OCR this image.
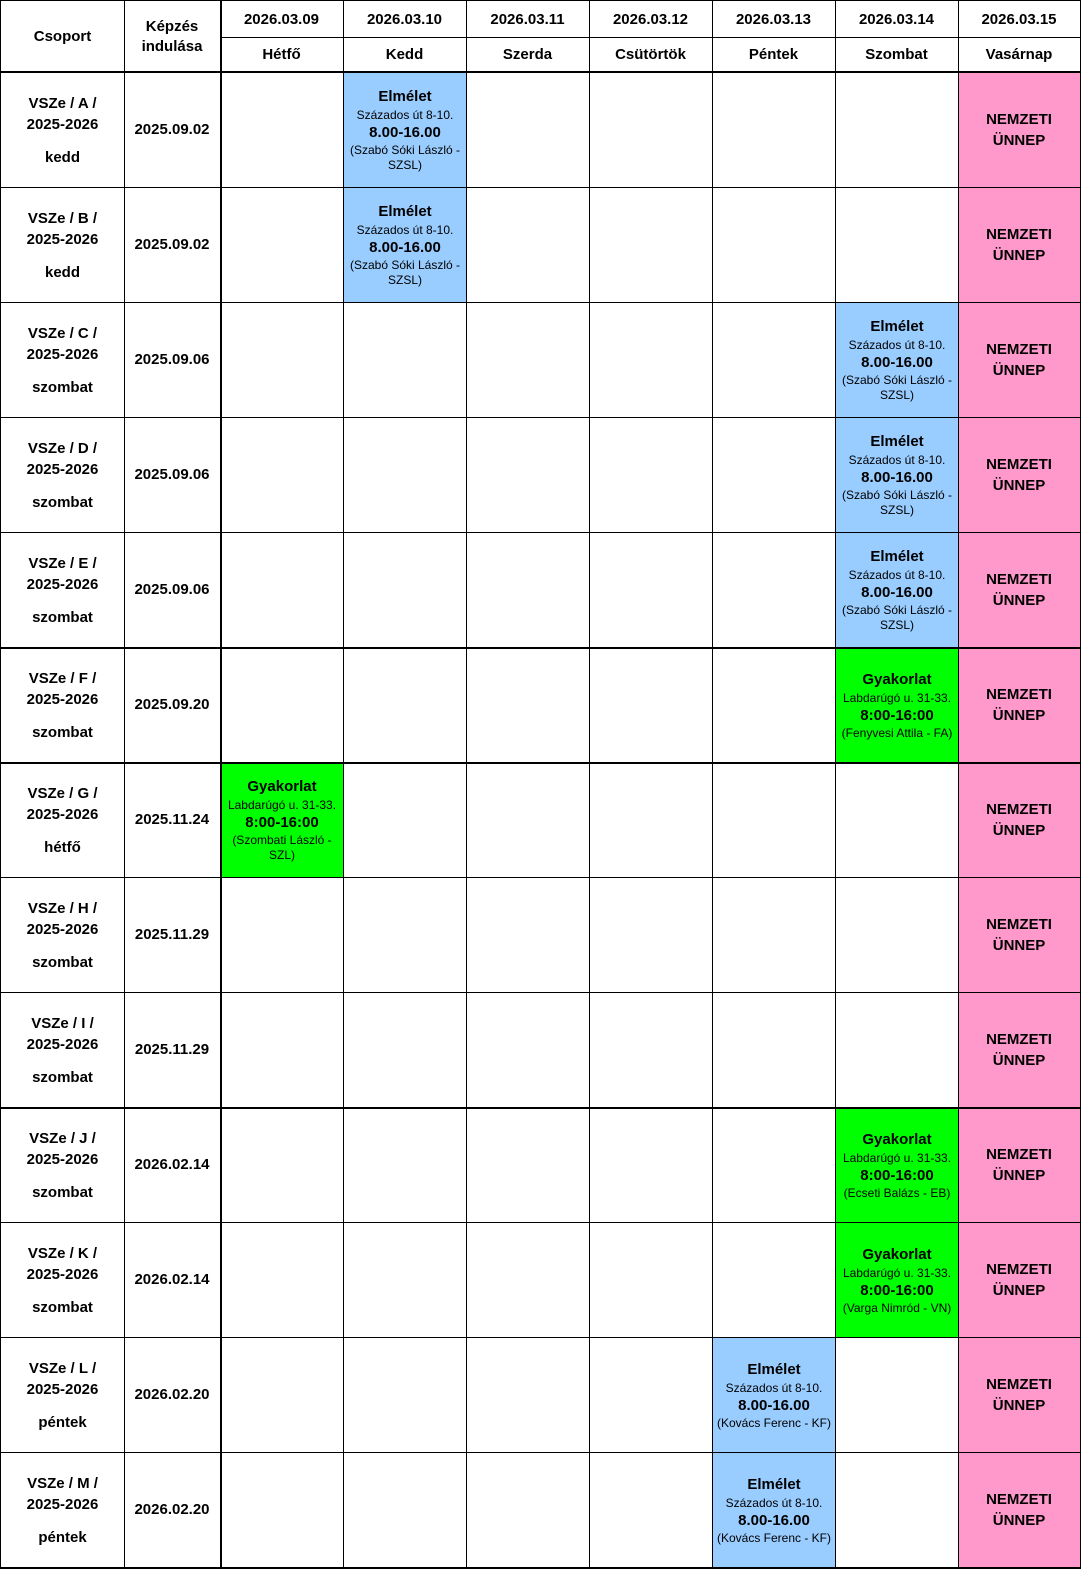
Csoport
Képzés indulása
2026.03.09
Hétfő
2026.03.10
Kedd
2026.03.11
Szerda
2026.03.12
Csütörtök
2026.03.13
Péntek
2026.03.14
Szombat
2026.03.15
Vasárnap
VSZe / A / 2025-2026
kedd
2025.09.02
NEMZETI ÜNNEP
Elmélet
Százados út 8-10.
8.00-16.00
(Szabó Sóki László - SZSL)
VSZe / B / 2025-2026
kedd
2025.09.02
NEMZETI ÜNNEP
Elmélet
Százados út 8-10.
8.00-16.00
(Szabó Sóki László - SZSL)
VSZe / C / 2025-2026
szombat
2025.09.06
NEMZETI ÜNNEP
Elmélet
Százados út 8-10.
8.00-16.00
(Szabó Sóki László - SZSL)
VSZe / D / 2025-2026
szombat
2025.09.06
NEMZETI ÜNNEP
Elmélet
Százados út 8-10.
8.00-16.00
(Szabó Sóki László - SZSL)
VSZe / E / 2025-2026
szombat
2025.09.06
NEMZETI ÜNNEP
Elmélet
Százados út 8-10.
8.00-16.00
(Szabó Sóki László - SZSL)
VSZe / F / 2025-2026
szombat
2025.09.20
NEMZETI ÜNNEP
Gyakorlat
Labdarúgó u. 31-33.
8:00-16:00
(Fenyvesi Attila - FA)
VSZe / G / 2025-2026
hétfő
2025.11.24
NEMZETI ÜNNEP
Gyakorlat
Labdarúgó u. 31-33.
8:00-16:00
(Szombati László - SZL)
VSZe / H / 2025-2026
szombat
2025.11.29
NEMZETI ÜNNEP
VSZe / I / 2025-2026
szombat
2025.11.29
NEMZETI ÜNNEP
VSZe / J / 2025-2026
szombat
2026.02.14
NEMZETI ÜNNEP
Gyakorlat
Labdarúgó u. 31-33.
8:00-16:00
(Ecseti Balázs - EB)
VSZe / K / 2025-2026
szombat
2026.02.14
NEMZETI ÜNNEP
Gyakorlat
Labdarúgó u. 31-33.
8:00-16:00
(Varga Nimród - VN)
VSZe / L / 2025-2026
péntek
2026.02.20
NEMZETI ÜNNEP
Elmélet
Százados út 8-10.
8.00-16.00
(Kovács Ferenc - KF)
VSZe / M / 2025-2026
péntek
2026.02.20
NEMZETI ÜNNEP
Elmélet
Százados út 8-10.
8.00-16.00
(Kovács Ferenc - KF)
